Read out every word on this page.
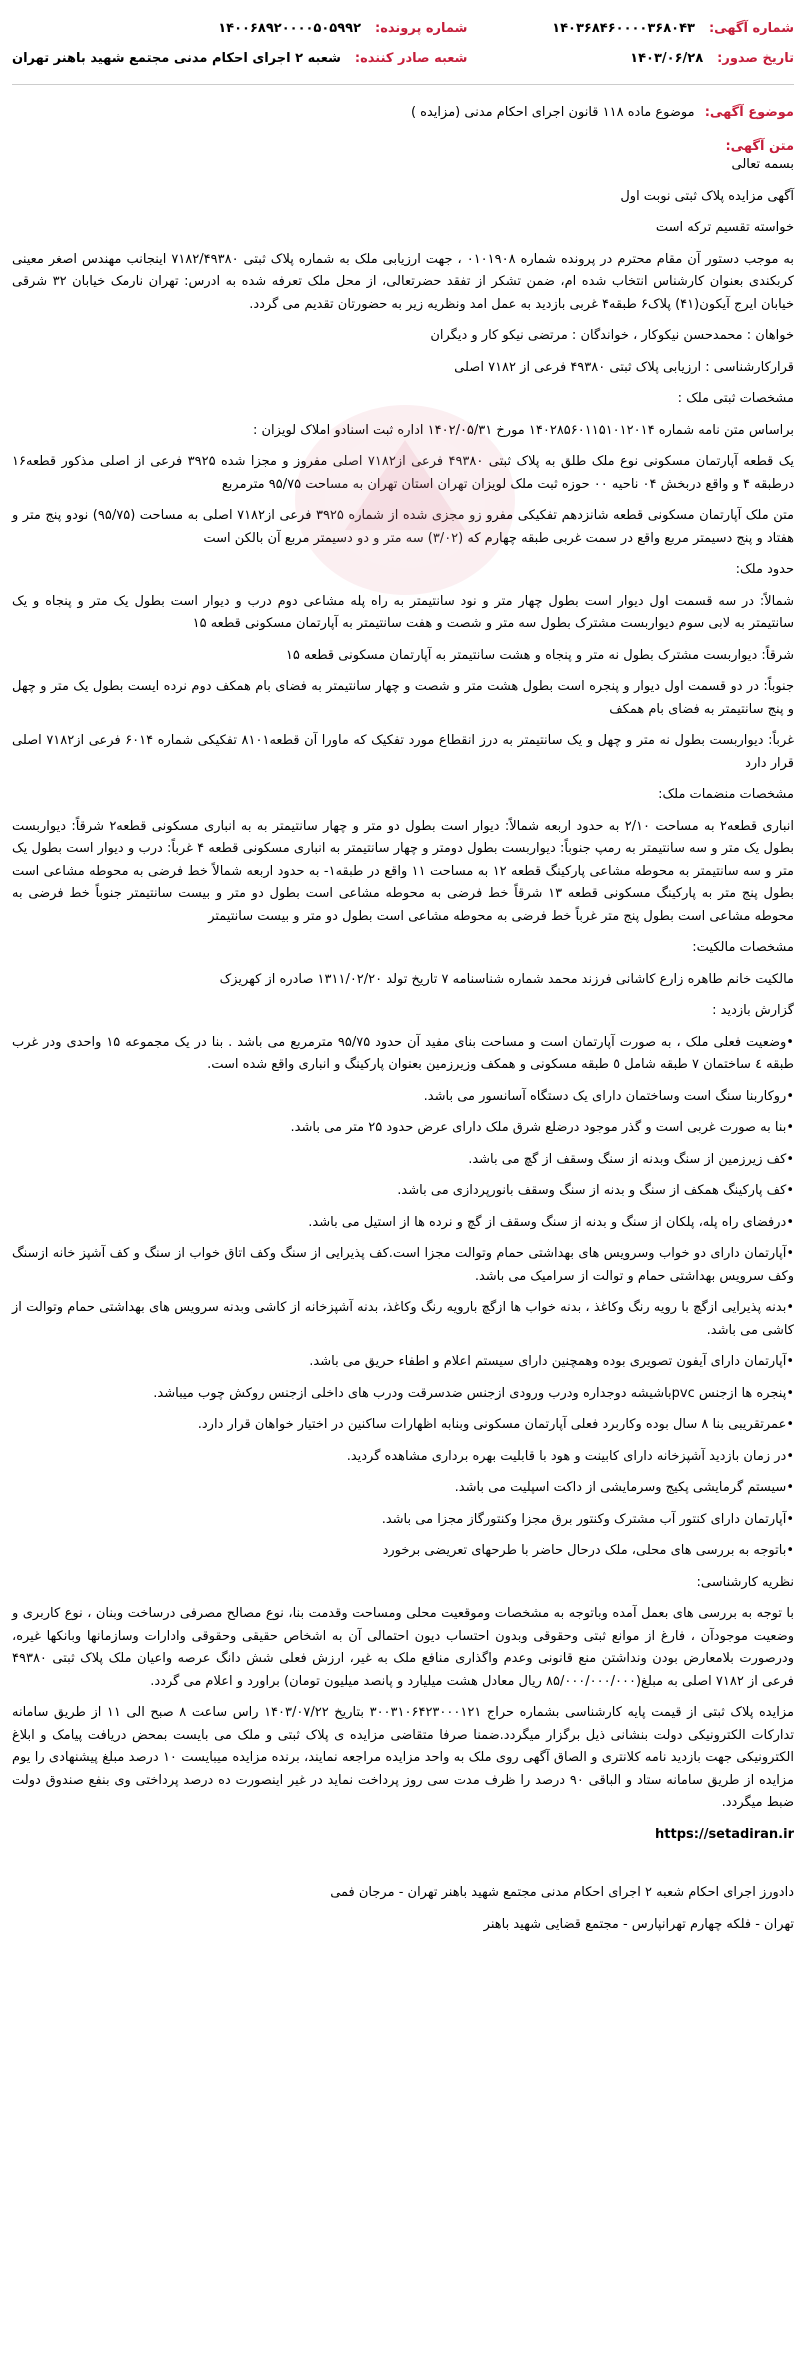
شماره آگهی:
۱۴۰۳۶۸۴۶۰۰۰۰۳۶۸۰۴۳
شماره پرونده:
۱۴۰۰۶۸۹۲۰۰۰۰۵۰۵۹۹۲
تاریخ صدور:
۱۴۰۳/۰۶/۲۸
شعبه صادر کننده:
شعبه ۲ اجرای احکام مدنی مجتمع شهید باهنر تهران
موضوع آگهی: موضوع ماده ۱۱۸ قانون اجرای احکام مدنی (مزایده )
متن آگهی:

بسمه تعالی

آگهی مزایده پلاک ثبتی نوبت اول

خواسته تقسیم ترکه است

به موجب دستور آن مقام محترم در پرونده شماره ۰۱۰۱۹۰۸ ، جهت ارزیابی ملک به شماره پلاک ثبتی ۷۱۸۲/۴۹۳۸۰ اینجانب مهندس اصغر معینی کربکندی بعنوان کارشناس انتخاب شده ام، ضمن تشکر از تفقد حضرتعالی، از محل ملک تعرفه شده به ادرس: تهران نارمک خیابان ۳۲ شرقی خیابان ایرج آیکون(۴۱) پلاک۶ طبقه۴ غربی بازدید به عمل امد ونظریه زیر به حضورتان تقدیم می گردد.

خواهان : محمدحسن نیکوکار ، خواندگان : مرتضی نیکو کار و دیگران

قرارکارشناسی : ارزیابی پلاک ثبتی ۴۹۳۸۰ فرعی از ۷۱۸۲ اصلی

مشخصات ثبتی ملک :

براساس متن نامه شماره ۱۴۰۲۸۵۶۰۱۱۵۱۰۱۲۰۱۴ مورخ ۱۴۰۲/۰۵/۳۱ اداره ثبت اسنادو املاک لویزان :

یک قطعه آپارتمان مسکونی نوع ملک طلق به پلاک ثبتی ۴۹۳۸۰ فرعی از۷۱۸۲ اصلی مفروز و مجزا شده ۳۹۲۵ فرعی از اصلی مذکور قطعه۱۶ درطبقه ۴ و واقع دربخش ۰۴ ناحیه ۰۰ حوزه ثبت ملک لویزان تهران استان تهران به مساحت ۹۵/۷۵ مترمربع

متن ملک آپارتمان مسکونی قطعه شانزدهم تفکیکی مفرو زو مجزی شده از شماره ۳۹۲۵ فرعی از۷۱۸۲ اصلی به مساحت (۹۵/۷۵) نودو پنج متر و هفتاد و پنج دسیمتر مربع واقع در سمت غربی طبقه چهارم که (۳/۰۲) سه متر و دو دسیمتر مربع آن بالکن است

حدود ملک:

شمالاً: در سه قسمت اول دیوار است بطول چهار متر و نود سانتیمتر به راه پله مشاعی دوم درب و دیوار است بطول یک متر و پنجاه و یک سانتیمتر به لابی سوم دیواربست مشترک بطول سه متر و شصت و هفت سانتیمتر به آپارتمان مسکونی قطعه ۱۵

شرقاً: دیواربست مشترک بطول نه متر و پنجاه و هشت سانتیمتر به آپارتمان مسکونی قطعه ۱۵

جنوباً: در دو قسمت اول دیوار و پنجره است بطول هشت متر و شصت و چهار سانتیمتر به فضای بام همکف دوم نرده ایست بطول یک متر و چهل و پنج سانتیمتر به فضای بام همکف

غرباً: دیواربست بطول نه متر و چهل و یک سانتیمتر به درز انقطاع مورد تفکیک که ماورا آن قطعه۸۱۰۱ تفکیکی شماره ۶۰۱۴ فرعی از۷۱۸۲ اصلی قرار دارد

مشخصات منضمات ملک:

انباری قطعه۲ به مساحت ۲/۱۰ به حدود اربعه شمالاً: دیوار است بطول دو متر و چهار سانتیمتر به به انباری مسکونی قطعه۲ شرقاً: دیواربست بطول یک متر و سه سانتیمتر به رمپ جنوباً: دیواربست بطول دومتر و چهار سانتیمتر به انباری مسکونی قطعه ۴ غرباً: درب و دیوار است بطول یک متر و سه سانتیمتر به محوطه مشاعی پارکینگ قطعه ۱۲ به مساحت ۱۱ واقع در طبقه۱- به حدود اربعه شمالاً خط فرضی به محوطه مشاعی است بطول پنج متر به پارکینگ مسکونی قطعه ۱۳ شرقاً خط فرضی به محوطه مشاعی است بطول دو متر و بیست سانتیمتر جنوباً خط فرضی به محوطه مشاعی است بطول پنج متر غرباً خط فرضی به محوطه مشاعی است بطول دو متر و بیست سانتیمتر

مشخصات مالکیت:

مالکیت خانم طاهره زارع کاشانی فرزند محمد شماره شناسنامه ۷ تاریخ تولد ۱۳۱۱/۰۲/۲۰ صادره از کهریزک

گزارش بازدید :

•وضعیت فعلی ملک ، به صورت آپارتمان است و مساحت بنای مفید آن حدود ۹۵/۷۵ مترمربع می باشد . بنا در یک مجموعه ۱۵ واحدی ودر غرب طبقه ٤ ساختمان ۷ طبقه شامل ٥ طبقه مسکونی و همکف وزیرزمین بعنوان پارکینگ و انباری واقع شده است.

•روکاربنا سنگ است وساختمان دارای یک دستگاه آسانسور می باشد.

•بنا به صورت غربی است و گذر موجود درضلع شرق ملک دارای عرض حدود ۲۵ متر می باشد.

•کف زیرزمین از سنگ وبدنه از سنگ وسقف از گچ می باشد.

•کف پارکینگ همکف از سنگ و بدنه از سنگ وسقف بانورپردازی می باشد.

•درفضای راه پله، پلکان از سنگ و بدنه از سنگ وسقف از گچ و نرده ها از استیل می باشد.

•آپارتمان دارای دو خواب وسرویس های بهداشتی حمام وتوالت مجزا است.کف پذیرایی از سنگ وکف اتاق خواب از سنگ و کف آشپز خانه ازسنگ وکف سرویس بهداشتی حمام و توالت از سرامیک می باشد.

•بدنه پذیرایی ازگچ با رویه رنگ وکاغذ ، بدنه خواب ها ازگچ بارویه رنگ وکاغذ، بدنه آشپزخانه از کاشی وبدنه سرویس های بهداشتی حمام وتوالت از کاشی می باشد.

•آپارتمان دارای آیفون تصویری بوده وهمچنین دارای سیستم اعلام و اطفاء حریق می باشد.

•پنجره ها ازجنس pvcباشیشه دوجداره ودرب ورودی ازجنس ضدسرقت ودرب های داخلی ازجنس روکش چوب میباشد.

•عمرتقریبی بنا ۸ سال بوده وکاربرد فعلی آپارتمان مسکونی وبنابه اظهارات ساکنین در اختیار خواهان قرار دارد.

•در زمان بازدید آشپزخانه دارای کابینت و هود با قابلیت بهره برداری مشاهده گردید.

•سیستم گرمایشی پکیج وسرمایشی از داکت اسپلیت می باشد.

•آپارتمان دارای کنتور آب مشترک وکنتور برق مجزا وکنتورگاز مجزا می باشد.

•باتوجه به بررسی های محلی، ملک درحال حاضر با طرحهای تعریضی برخورد

نظریه کارشناسی:

با توجه به بررسی های بعمل آمده وباتوجه به مشخصات وموقعیت محلی ومساحت وقدمت بنا، نوع مصالح مصرفی درساخت وبنان ، نوع کاربری و وضعیت موجودآن ، فارغ از موانع ثبتی وحقوقی وبدون احتساب دیون احتمالی آن به اشخاص حقیقی وحقوقی وادارات وسازمانها وبانکها غیره، ودرصورت بلامعارض بودن ونداشتن منع قانونی وعدم واگذاری منافع ملک به غیر، ارزش فعلی شش دانگ عرصه واعیان ملک پلاک ثبتی ۴۹۳۸۰ فرعی از ۷۱۸۲ اصلی به مبلغ(۸۵/۰۰۰/۰۰۰/۰۰۰ ریال معادل هشت میلیارد و پانصد میلیون تومان) براورد و اعلام می گردد.

مزایده پلاک ثبتی از قیمت پایه کارشناسی بشماره حراج ۳۰۰۳۱۰۶۴۲۳۰۰۰۱۲۱ بتاریخ ۱۴۰۳/۰۷/۲۲ راس ساعت ۸ صبح الی ۱۱ از طریق سامانه تدارکات الکترونیکی دولت بنشانی ذیل برگزار میگردد.ضمنا صرفا متقاضی مزایده ی پلاک ثبتی و ملک می بایست بمحض دریافت پیامک و ابلاغ الکترونیکی جهت بازدید نامه کلانتری و الصاق آگهی روی ملک به واحد مزایده مراجعه نمایند، برنده مزایده میبایست ۱۰ درصد مبلغ پیشنهادی را یوم مزایده از طریق سامانه ستاد و الباقی ۹۰ درصد را ظرف مدت سی روز پرداخت نماید در غیر اینصورت ده درصد پرداختی وی بنفع صندوق دولت ضبط میگردد.

https://setadiran.ir

دادورز اجرای احکام شعبه ۲ اجرای احکام مدنی مجتمع شهید باهنر تهران - مرجان فمی

تهران - فلکه چهارم تهرانپارس - مجتمع قضایی شهید باهنر
